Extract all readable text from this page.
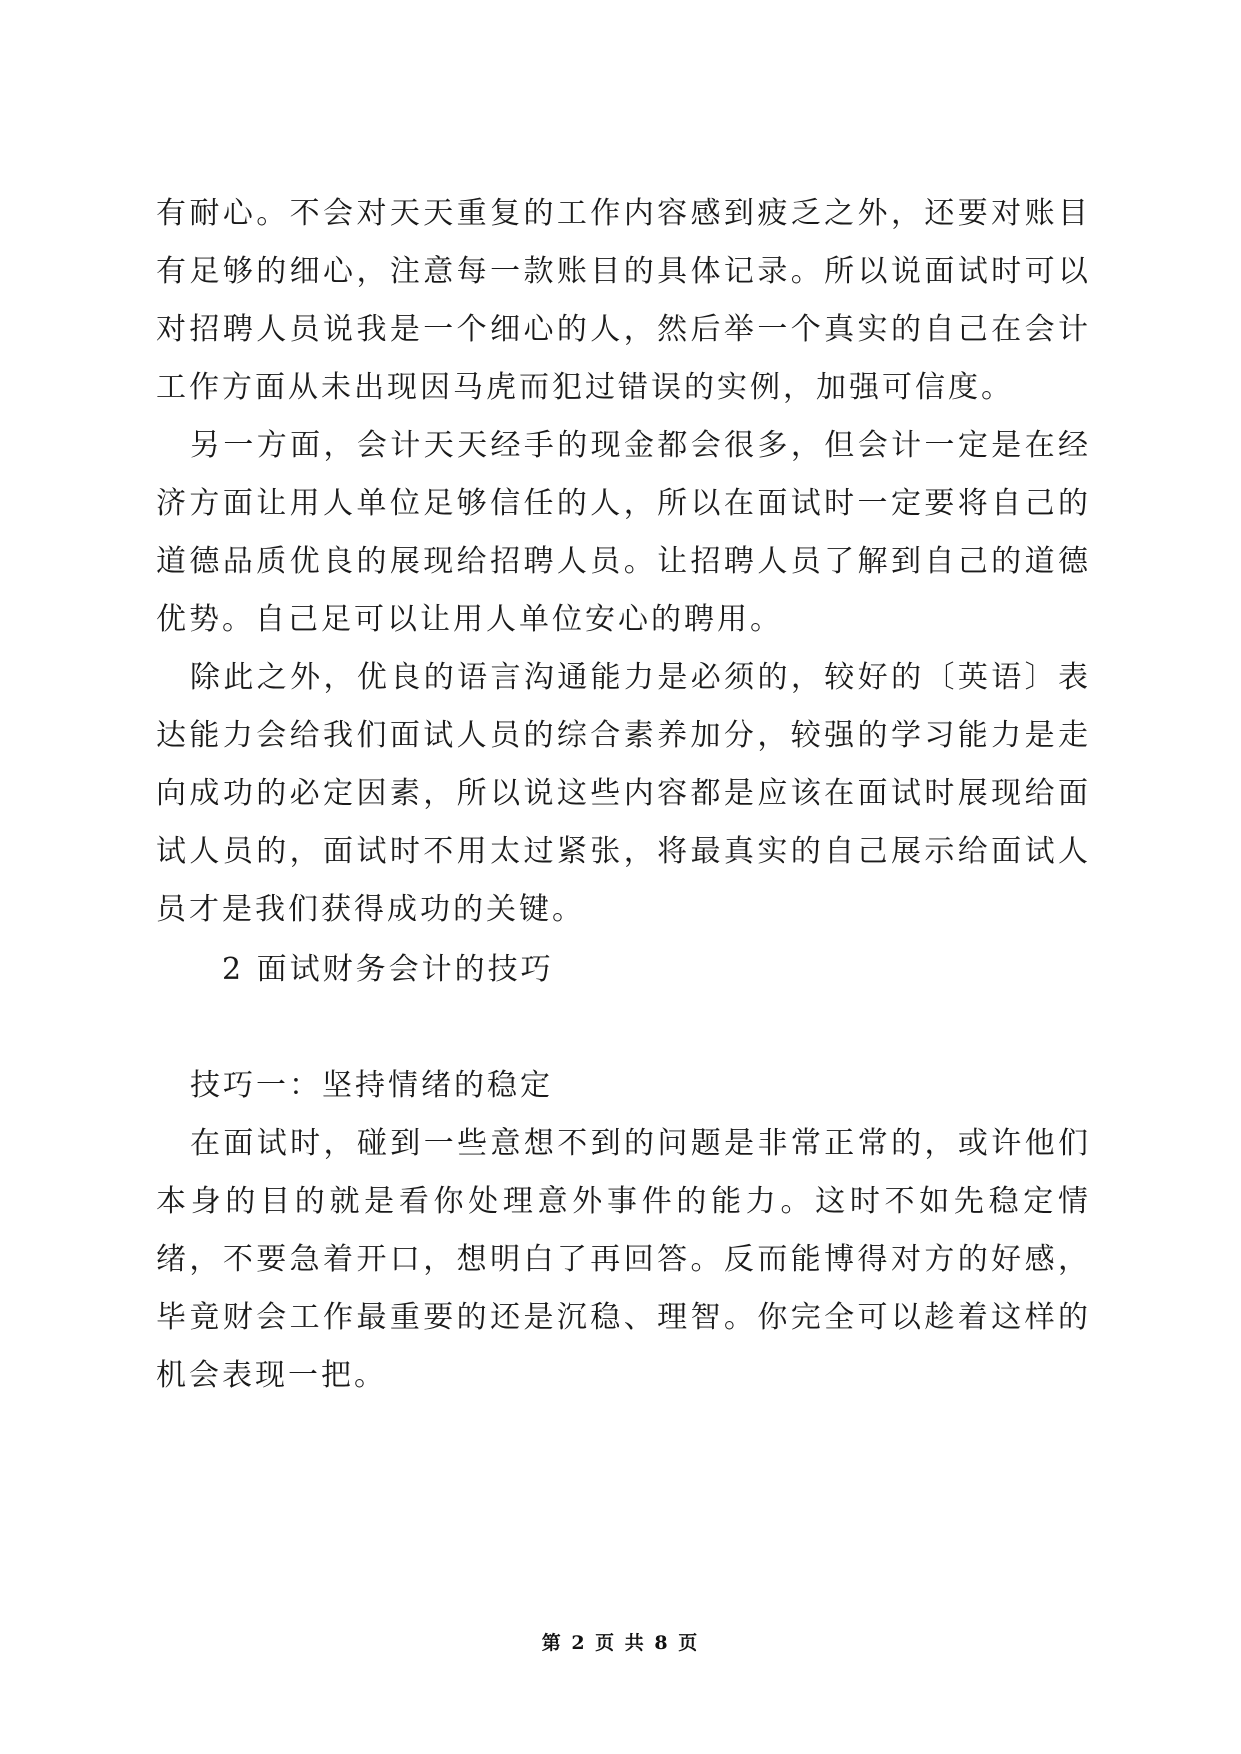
有耐心。不会对天天重复的工作内容感到疲乏之外，还要对账目有足够的细心，注意每一款账目的具体记录。所以说面试时可以对招聘人员说我是一个细心的人，然后举一个真实的自己在会计工作方面从未出现因马虎而犯过错误的实例，加强可信度。

另一方面，会计天天经手的现金都会很多，但会计一定是在经济方面让用人单位足够信任的人，所以在面试时一定要将自己的道德品质优良的展现给招聘人员。让招聘人员了解到自己的道德优势。自己足可以让用人单位安心的聘用。

除此之外，优良的语言沟通能力是必须的，较好的〔英语〕表达能力会给我们面试人员的综合素养加分，较强的学习能力是走向成功的必定因素，所以说这些内容都是应该在面试时展现给面试人员的，面试时不用太过紧张，将最真实的自己展示给面试人员才是我们获得成功的关键。

2 面试财务会计的技巧

技巧一：坚持情绪的稳定

在面试时，碰到一些意想不到的问题是非常正常的，或许他们本身的目的就是看你处理意外事件的能力。这时不如先稳定情绪，不要急着开口，想明白了再回答。反而能博得对方的好感，毕竟财会工作最重要的还是沉稳、理智。你完全可以趁着这样的机会表现一把。

第 2 页 共 8 页
